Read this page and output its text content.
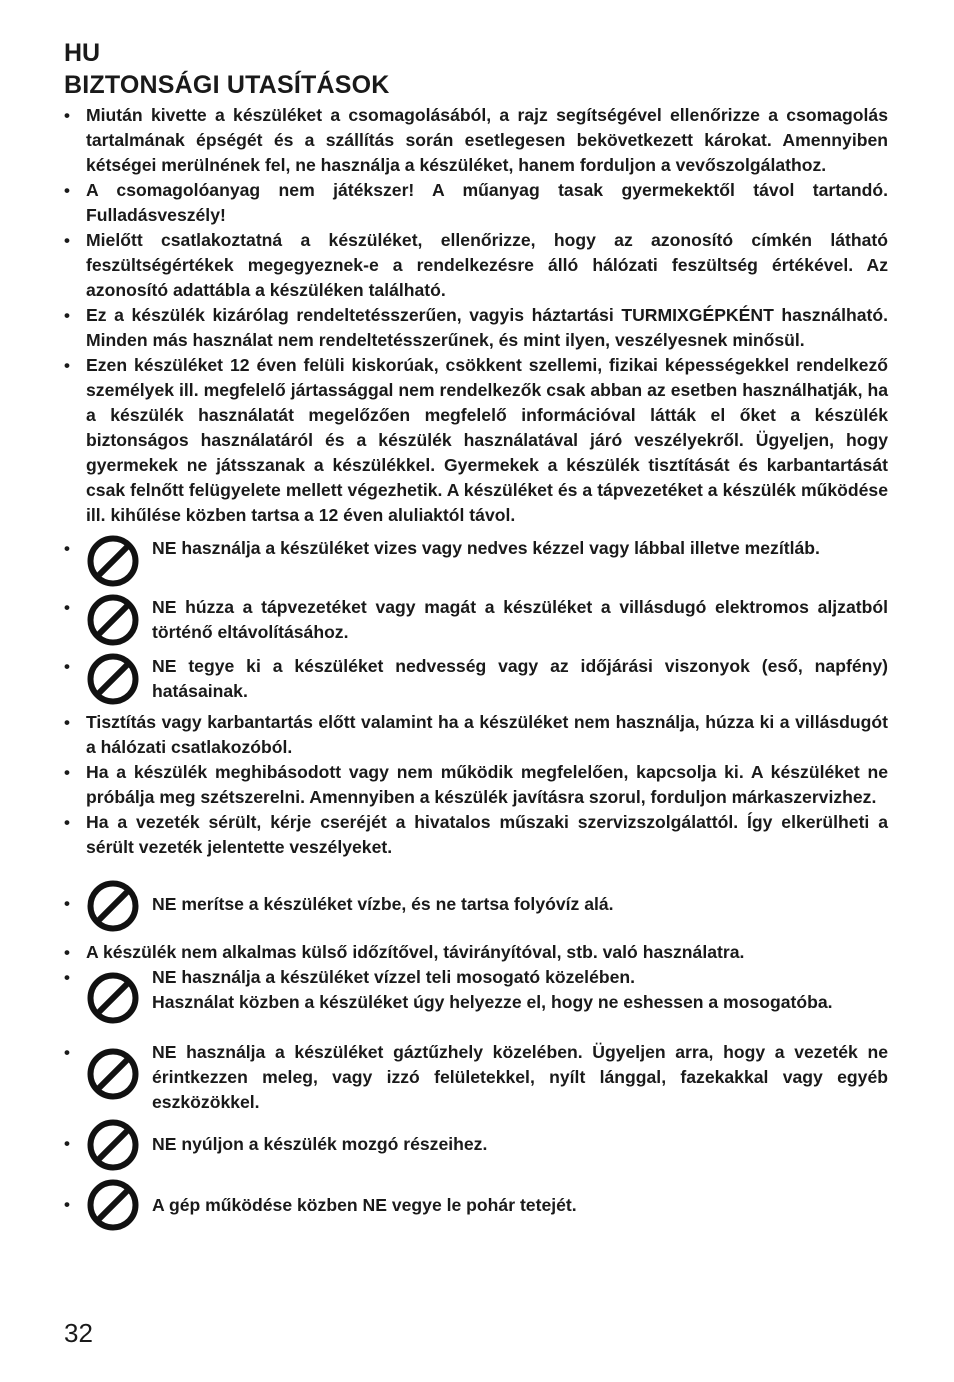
HU
BIZTONSÁGI UTASÍTÁSOK
• Miután kivette a készüléket a csomagolásából, a rajz segítségével ellenőrizze a csomagolás tartalmának épségét és a szállítás során esetlegesen bekövetkezett károkat. Amennyiben kétségei merülnének fel, ne használja a készüléket, hanem forduljon a vevőszolgálathoz.
• A csomagolóanyag nem játékszer! A műanyag tasak gyermekektől távol tartandó. Fulladásveszély!
• Mielőtt csatlakoztatná a készüléket, ellenőrizze, hogy az azonosító címkén látható feszültségértékek megegyeznek-e a rendelkezésre álló hálózati feszültség értékével. Az azonosító adattábla a készüléken található.
• Ez a készülék kizárólag rendeltetésszerűen, vagyis háztartási TURMIXGÉPKÉNT használható. Minden más használat nem rendeltetésszerűnek, és mint ilyen, veszélyesnek minősül.
• Ezen készüléket 12 éven felüli kiskorúak, csökkent szellemi, fizikai képességekkel rendelkező személyek ill. megfelelő jártassággal nem rendelkezők csak abban az esetben használhatják, ha a készülék használatát megelőzően megfelelő információval látták el őket a készülék biztonságos használatáról és a készülék használatával járó veszélyekről. Ügyeljen, hogy gyermekek ne játsszanak a készülékkel. Gyermekek a készülék tisztítását és karbantartását csak felnőtt felügyelete mellett végezhetik. A készüléket és a tápvezetéket a készülék működése ill. kihűlése közben tartsa a 12 éven aluliaktól távol.
•	NE használja a készüléket vizes vagy nedves kézzel vagy lábbal illetve mezítláb.
•	NE húzza a tápvezetéket vagy magát a készüléket a villásdugó elektromos aljzatból történő eltávolításához.
•	NE tegye ki a készüléket nedvesség vagy az időjárási viszonyok (eső, napfény) hatásainak.
• Tisztítás vagy karbantartás előtt valamint ha a készüléket nem használja, húzza ki a villásdugót a hálózati csatlakozóból.
• Ha a készülék meghibásodott vagy nem működik megfelelően, kapcsolja ki. A készüléket ne próbálja meg szétszerelni. Amennyiben a készülék javításra szorul, forduljon márkaszervizhez.
• Ha a vezeték sérült, kérje cseréjét a hivatalos műszaki szervizszolgálattól. Így elkerülheti a sérült vezeték jelentette veszélyeket.
•	NE merítse a készüléket vízbe, és ne tartsa folyóvíz alá.
• A készülék nem alkalmas külső időzítővel, távirányítóval, stb. való használatra.
•	NE használja a készüléket vízzel teli mosogató közelében.
Használat közben a készüléket úgy helyezze el, hogy ne eshessen a mosogatóba.
•	NE használja a készüléket gáztűzhely közelében. Ügyeljen arra, hogy a vezeték ne érintkezzen meleg, vagy izzó felületekkel, nyílt lánggal, fazekakkal vagy egyéb eszközökkel.
•	NE nyúljon a készülék mozgó részeihez.
•	A gép működése közben NE vegye le pohár tetejét.
32
